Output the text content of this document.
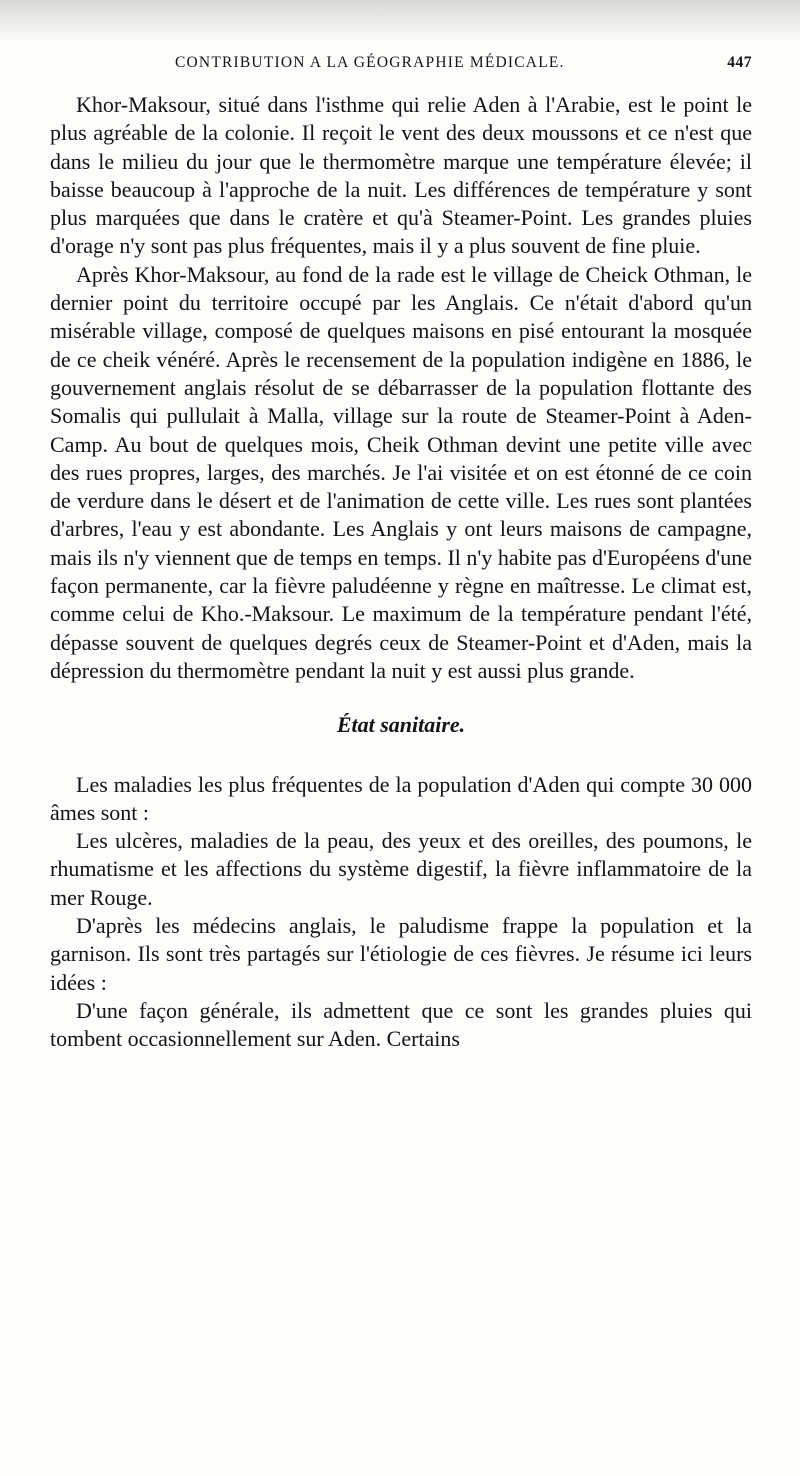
CONTRIBUTION A LA GÉOGRAPHIE MÉDICALE.	447

Khor-Maksour, situé dans l'isthme qui relie Aden à l'Arabie, est le point le plus agréable de la colonie. Il reçoit le vent des deux moussons et ce n'est que dans le milieu du jour que le thermomètre marque une température élevée; il baisse beaucoup à l'approche de la nuit. Les différences de température y sont plus marquées que dans le cratère et qu'à Steamer-Point. Les grandes pluies d'orage n'y sont pas plus fréquentes, mais il y a plus souvent de fine pluie.

Après Khor-Maksour, au fond de la rade est le village de Cheick Othman, le dernier point du territoire occupé par les Anglais. Ce n'était d'abord qu'un misérable village, composé de quelques maisons en pisé entourant la mosquée de ce cheik vénéré. Après le recensement de la population indigène en 1886, le gouvernement anglais résolut de se débarrasser de la population flottante des Somalis qui pullulait à Malla, village sur la route de Steamer-Point à Aden-Camp. Au bout de quelques mois, Cheik Othman devint une petite ville avec des rues propres, larges, des marchés. Je l'ai visitée et on est étonné de ce coin de verdure dans le désert et de l'animation de cette ville. Les rues sont plantées d'arbres, l'eau y est abondante. Les Anglais y ont leurs maisons de campagne, mais ils n'y viennent que de temps en temps. Il n'y habite pas d'Européens d'une façon permanente, car la fièvre paludéenne y règne en maîtresse. Le climat est, comme celui de Kho.-Maksour. Le maximum de la température pendant l'été, dépasse souvent de quelques degrés ceux de Steamer-Point et d'Aden, mais la dépression du thermomètre pendant la nuit y est aussi plus grande.

État sanitaire.

Les maladies les plus fréquentes de la population d'Aden qui compte 30 000 âmes sont :

Les ulcères, maladies de la peau, des yeux et des oreilles, des poumons, le rhumatisme et les affections du système digestif, la fièvre inflammatoire de la mer Rouge.

D'après les médecins anglais, le paludisme frappe la population et la garnison. Ils sont très partagés sur l'étiologie de ces fièvres. Je résume ici leurs idées :

D'une façon générale, ils admettent que ce sont les grandes pluies qui tombent occasionnellement sur Aden. Certains
